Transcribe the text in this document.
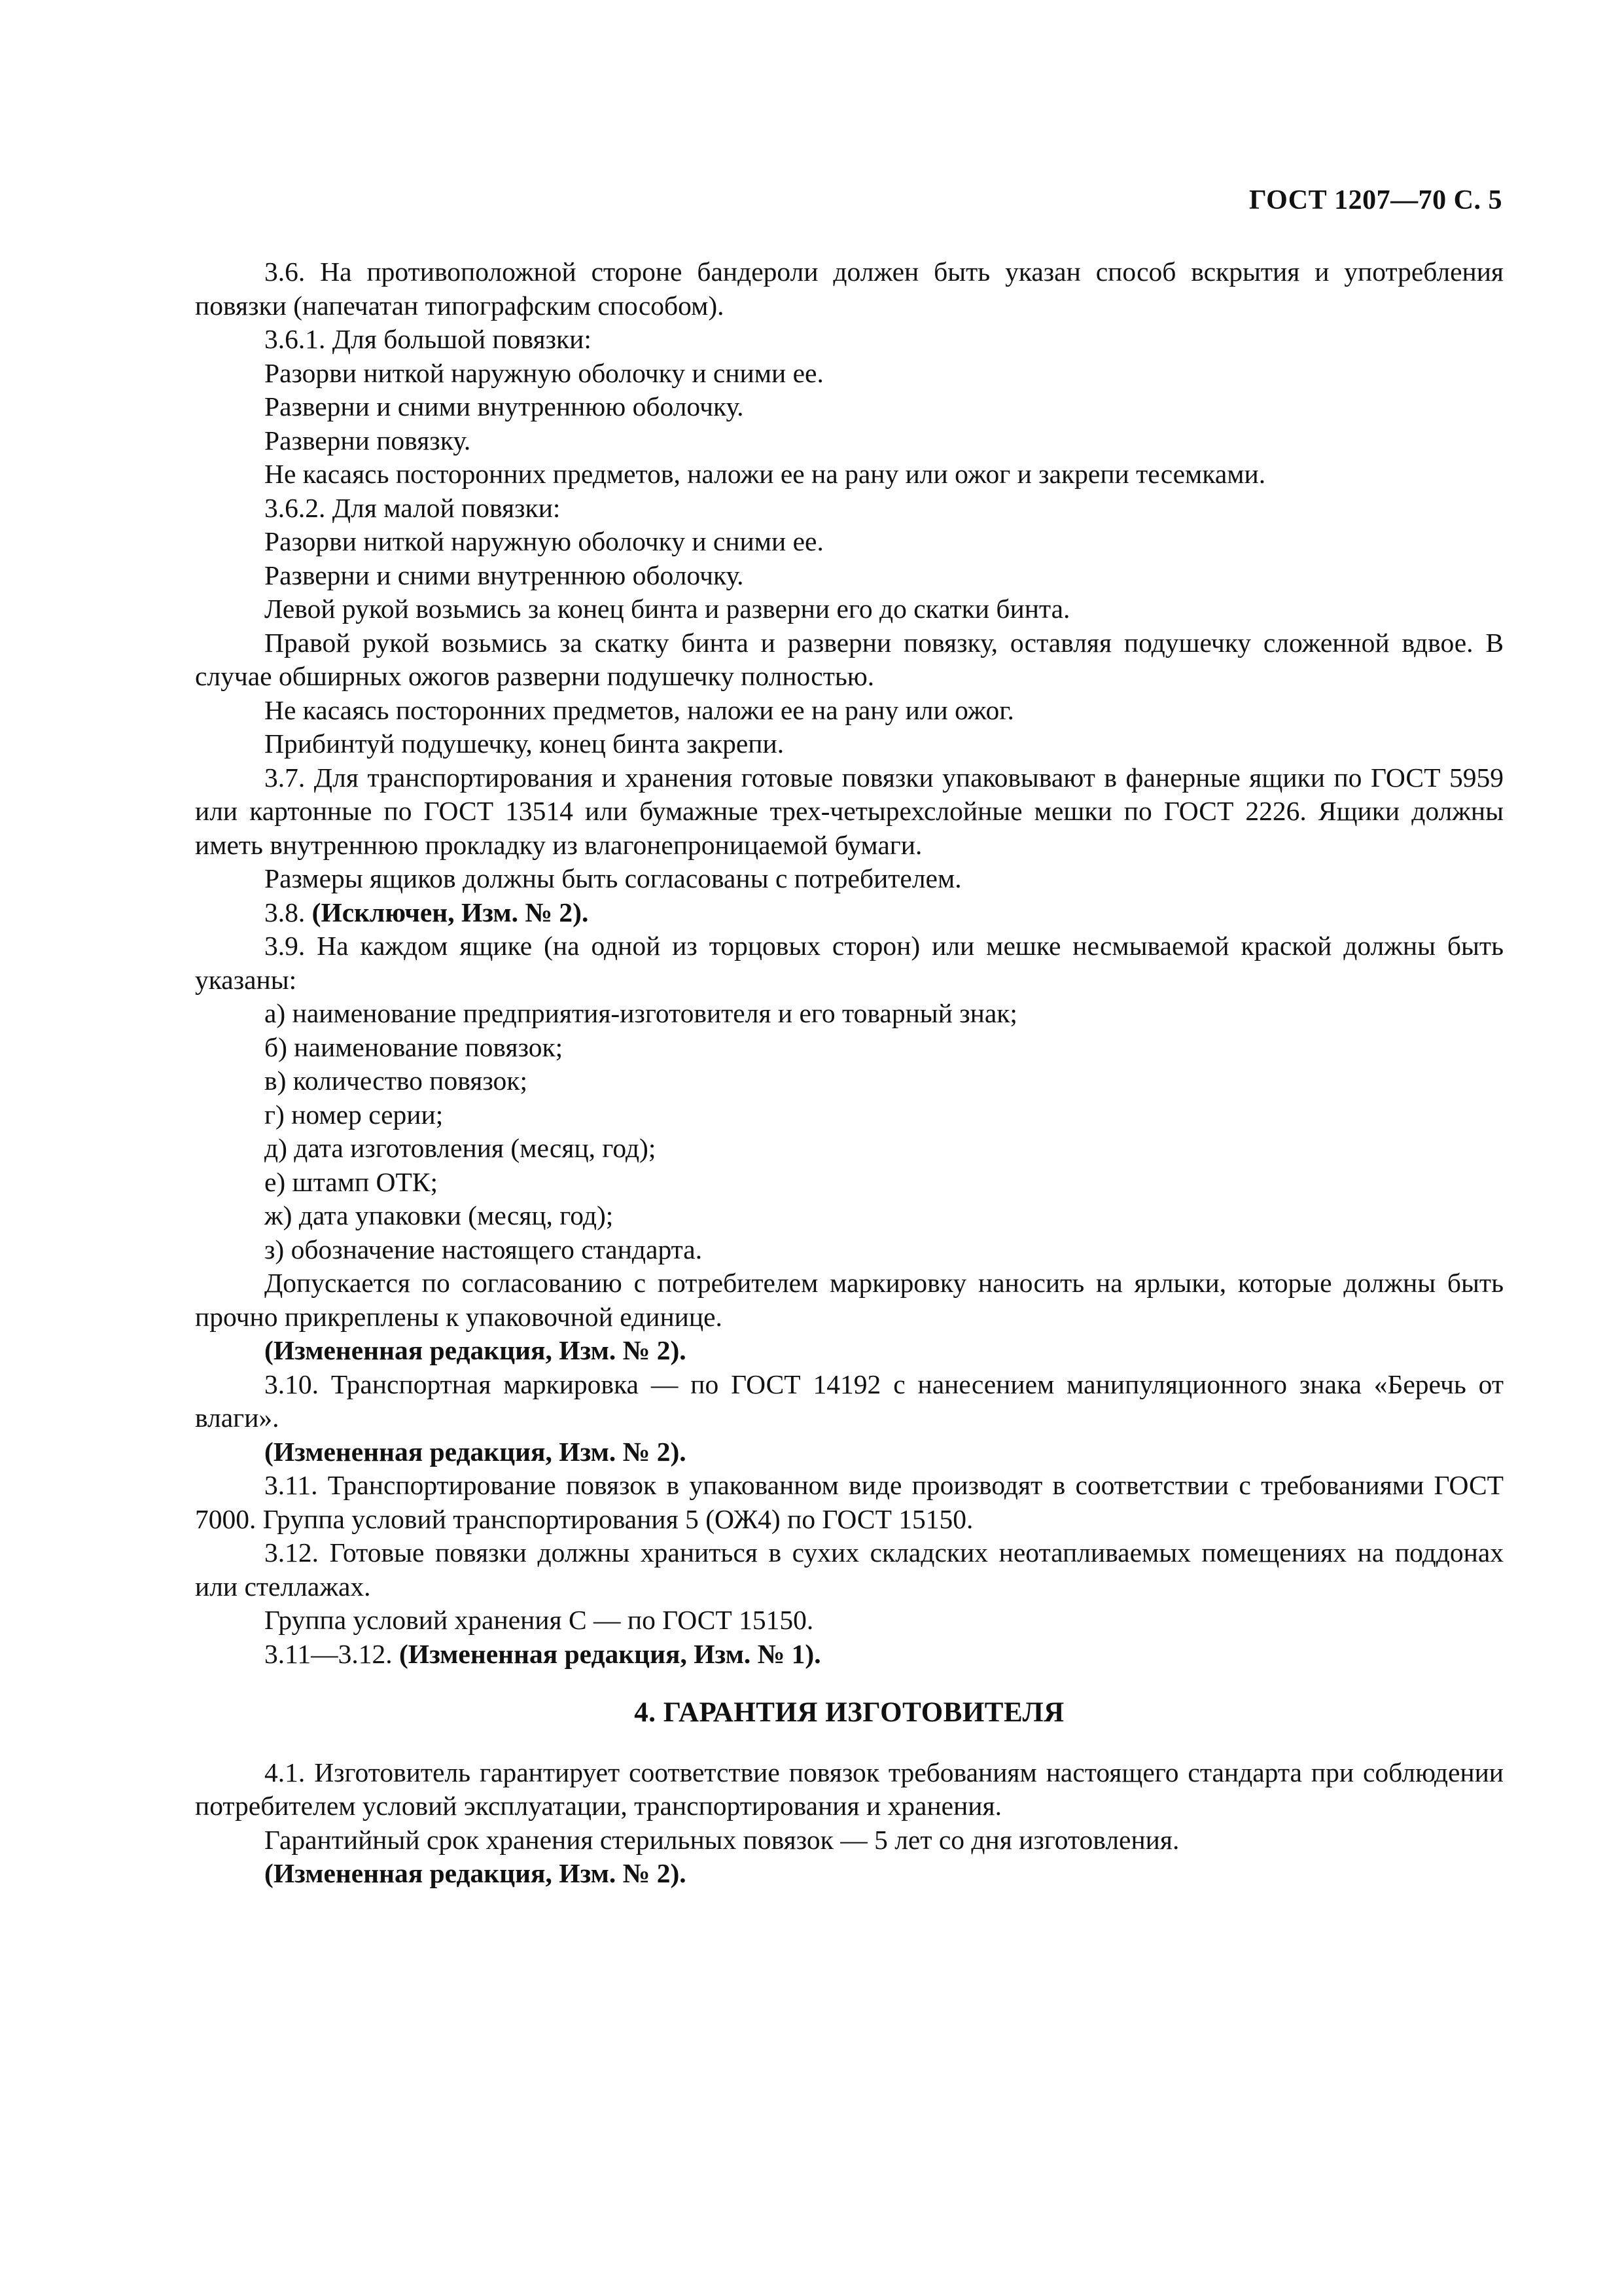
ГОСТ 1207—70 С. 5

3.6. На противоположной стороне бандероли должен быть указан способ вскрытия и употребления повязки (напечатан типографским способом).

3.6.1. Для большой повязки:

Разорви ниткой наружную оболочку и сними ее.

Разверни и сними внутреннюю оболочку.

Разверни повязку.

Не касаясь посторонних предметов, наложи ее на рану или ожог и закрепи тесемками.

3.6.2. Для малой повязки:

Разорви ниткой наружную оболочку и сними ее.

Разверни и сними внутреннюю оболочку.

Левой рукой возьмись за конец бинта и разверни его до скатки бинта.

Правой рукой возьмись за скатку бинта и разверни повязку, оставляя подушечку сложенной вдвое. В случае обширных ожогов разверни подушечку полностью.

Не касаясь посторонних предметов, наложи ее на рану или ожог.

Прибинтуй подушечку, конец бинта закрепи.

3.7. Для транспортирования и хранения готовые повязки упаковывают в фанерные ящики по ГОСТ 5959 или картонные по ГОСТ 13514 или бумажные трех-четырехслойные мешки по ГОСТ 2226. Ящики должны иметь внутреннюю прокладку из влагонепроницаемой бумаги.

Размеры ящиков должны быть согласованы с потребителем.

3.8. (Исключен, Изм. № 2).

3.9. На каждом ящике (на одной из торцовых сторон) или мешке несмываемой краской должны быть указаны:

а) наименование предприятия-изготовителя и его товарный знак;

б) наименование повязок;

в) количество повязок;

г) номер серии;

д) дата изготовления (месяц, год);

е) штамп ОТК;

ж) дата упаковки (месяц, год);

з) обозначение настоящего стандарта.

Допускается по согласованию с потребителем маркировку наносить на ярлыки, которые должны быть прочно прикреплены к упаковочной единице.

(Измененная редакция, Изм. № 2).

3.10. Транспортная маркировка — по ГОСТ 14192 с нанесением манипуляционного знака «Беречь от влаги».

(Измененная редакция, Изм. № 2).

3.11. Транспортирование повязок в упакованном виде производят в соответствии с требованиями ГОСТ 7000. Группа условий транспортирования 5 (ОЖ4) по ГОСТ 15150.

3.12. Готовые повязки должны храниться в сухих складских неотапливаемых помещениях на поддонах или стеллажах.

Группа условий хранения С — по ГОСТ 15150.

3.11—3.12. (Измененная редакция, Изм. № 1).

4. ГАРАНТИЯ ИЗГОТОВИТЕЛЯ

4.1. Изготовитель гарантирует соответствие повязок требованиям настоящего стандарта при соблюдении потребителем условий эксплуатации, транспортирования и хранения.

Гарантийный срок хранения стерильных повязок — 5 лет со дня изготовления.

(Измененная редакция, Изм. № 2).
